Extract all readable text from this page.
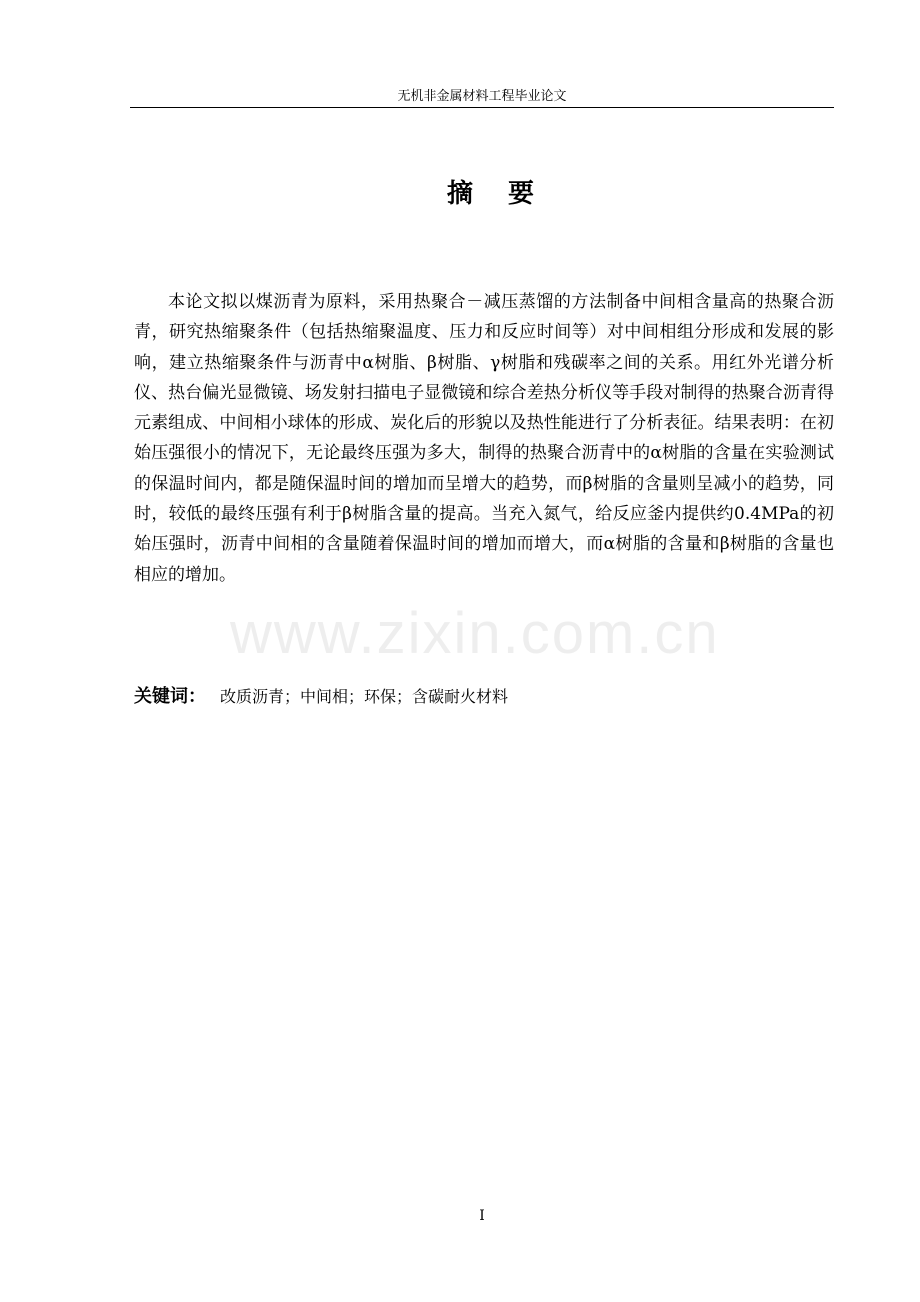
无机非金属材料工程毕业论文
摘 要

本论文拟以煤沥青为原料，采用热聚合－减压蒸馏的方法制备中间相含量高的热聚合沥青，研究热缩聚条件（包括热缩聚温度、压力和反应时间等）对中间相组分形成和发展的影响，建立热缩聚条件与沥青中α树脂、β树脂、γ树脂和残碳率之间的关系。用红外光谱分析仪、热台偏光显微镜、场发射扫描电子显微镜和综合差热分析仪等手段对制得的热聚合沥青得元素组成、中间相小球体的形成、炭化后的形貌以及热性能进行了分析表征。结果表明：在初始压强很小的情况下，无论最终压强为多大，制得的热聚合沥青中的α树脂的含量在实验测试的保温时间内，都是随保温时间的增加而呈增大的趋势，而β树脂的含量则呈减小的趋势，同时，较低的最终压强有利于β树脂含量的提高。当充入氮气，给反应釜内提供约0.4MPa的初始压强时，沥青中间相的含量随着保温时间的增加而增大，而α树脂的含量和β树脂的含量也相应的增加。

www.zixin.com.cn
关键词： 改质沥青；中间相；环保；含碳耐火材料
I
